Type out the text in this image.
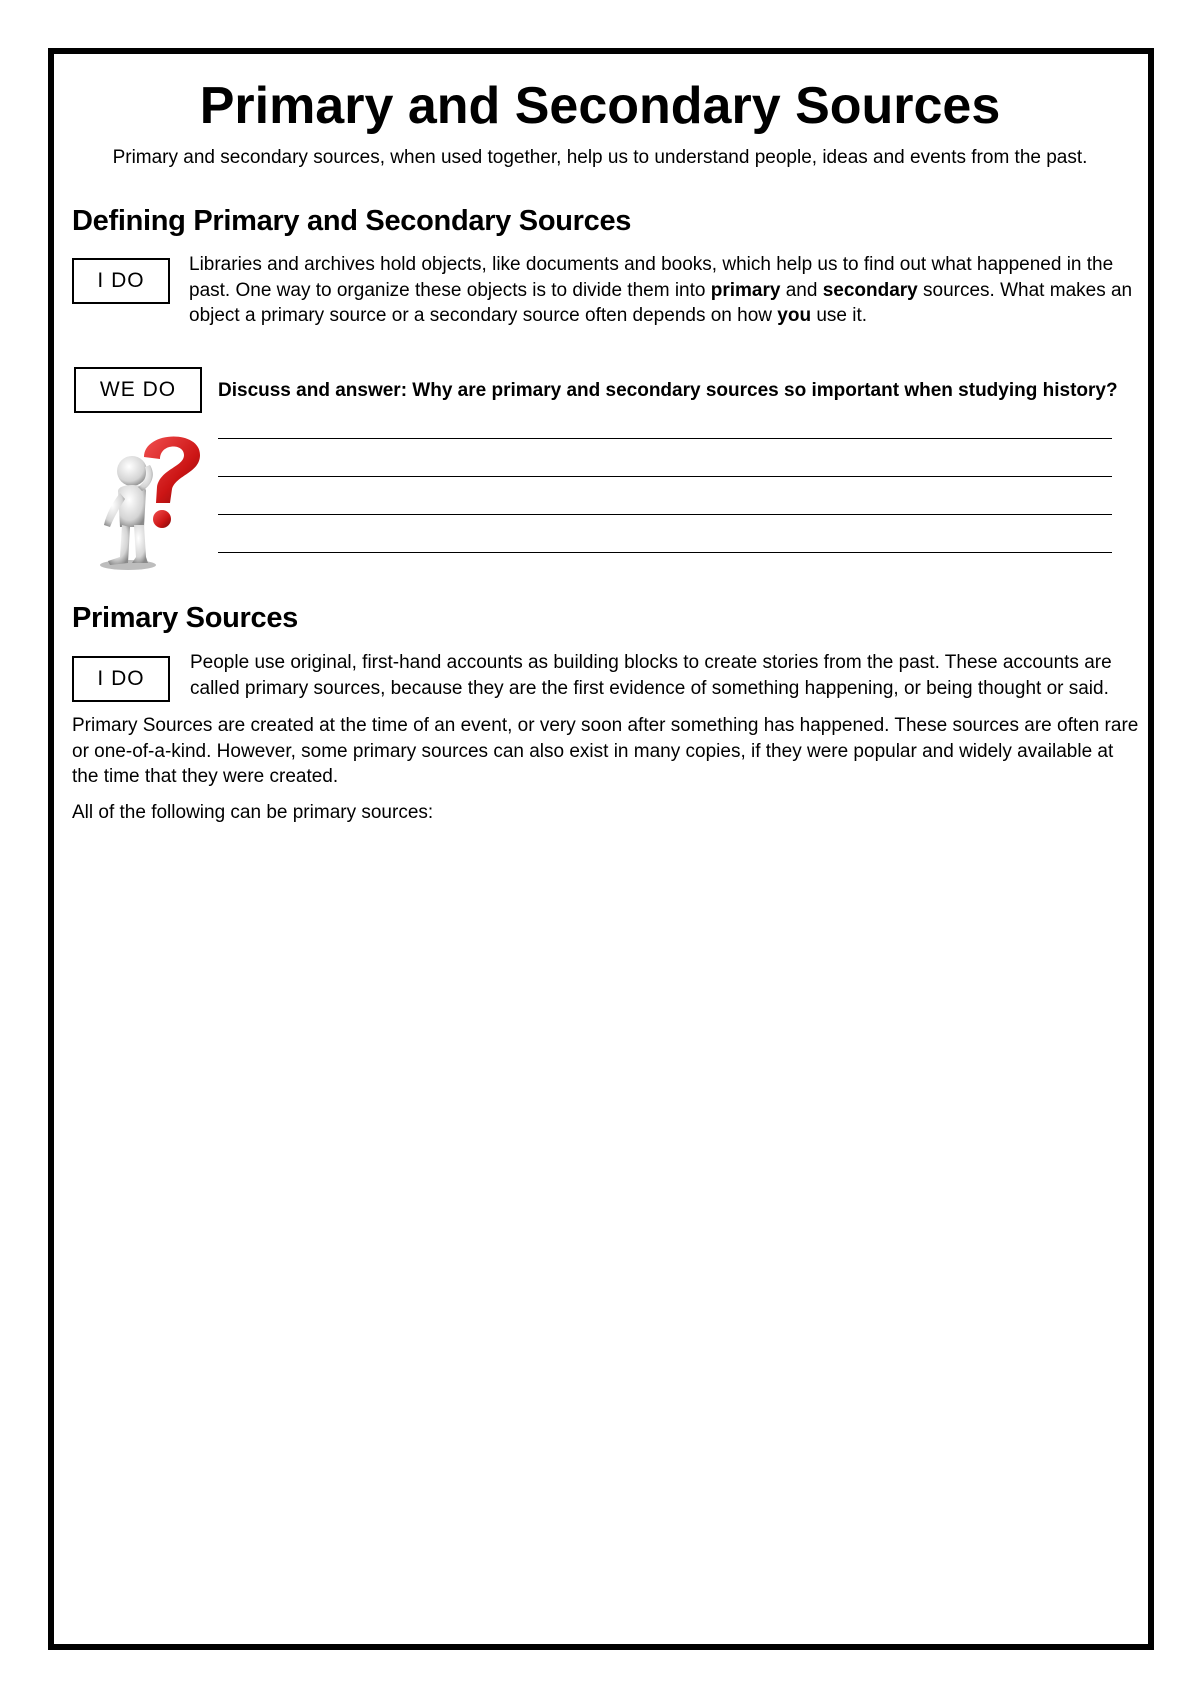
Primary and Secondary Sources
Primary and secondary sources, when used together, help us to understand people, ideas and events from the past.
Defining Primary and Secondary Sources
I DO

Libraries and archives hold objects, like documents and books, which help us to find out what happened in the past. One way to organize these objects is to divide them into primary and secondary sources. What makes an object a primary source or a secondary source often depends on how you use it.

WE DO	Discuss and answer: Why are primary and secondary sources so important when studying history?
Primary Sources
I DO

People use original, first-hand accounts as building blocks to create stories from the past. These accounts are called primary sources, because they are the first evidence of something happening, or being thought or said.

Primary Sources are created at the time of an event, or very soon after something has happened. These sources are often rare or one-of-a-kind. However, some primary sources can also exist in many copies, if they were popular and widely available at the time that they were created.

All of the following can be primary sources:
